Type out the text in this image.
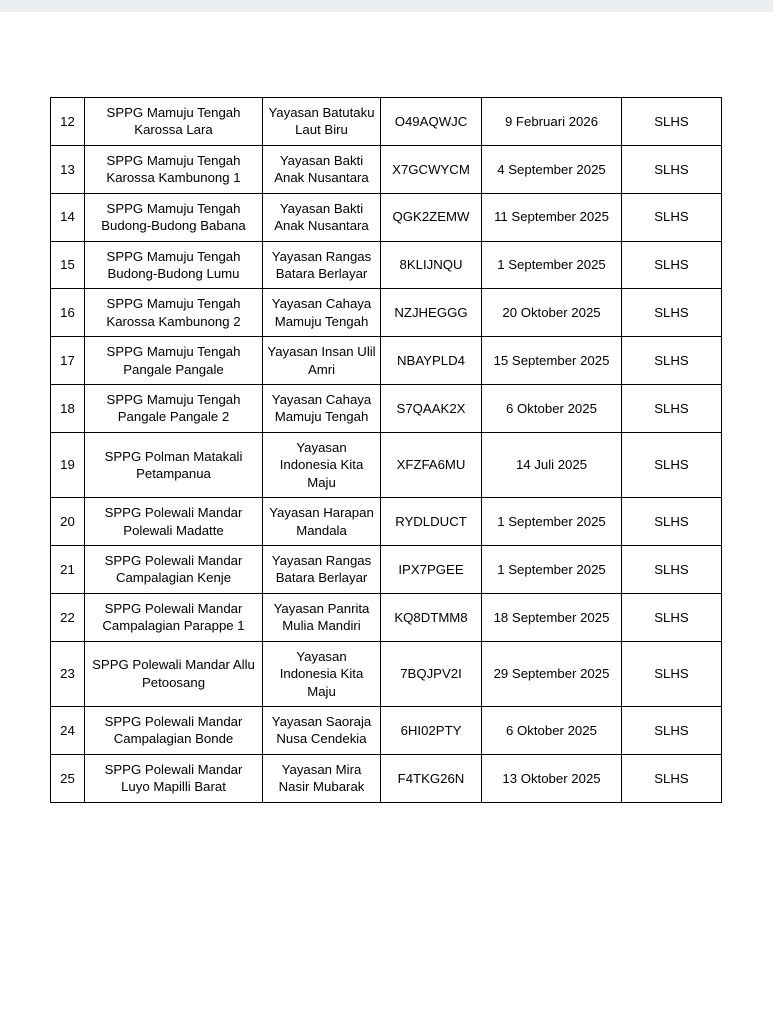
12	SPPG Mamuju Tengah Karossa Lara	Yayasan Batutaku Laut Biru	O49AQWJC	9 Februari 2026	SLHS
13	SPPG Mamuju Tengah Karossa Kambunong 1	Yayasan Bakti Anak Nusantara	X7GCWYCM	4 September 2025	SLHS
14	SPPG Mamuju Tengah Budong-Budong Babana	Yayasan Bakti Anak Nusantara	QGK2ZEMW	11 September 2025	SLHS
15	SPPG Mamuju Tengah Budong-Budong Lumu	Yayasan Rangas Batara Berlayar	8KLIJNQU	1 September 2025	SLHS
16	SPPG Mamuju Tengah Karossa Kambunong 2	Yayasan Cahaya Mamuju Tengah	NZJHEGGG	20 Oktober 2025	SLHS
17	SPPG Mamuju Tengah Pangale Pangale	Yayasan Insan Ulil Amri	NBAYPLD4	15 September 2025	SLHS
18	SPPG Mamuju Tengah Pangale Pangale 2	Yayasan Cahaya Mamuju Tengah	S7QAAK2X	6 Oktober 2025	SLHS
19	SPPG Polman Matakali Petampanua	Yayasan Indonesia Kita Maju	XFZFA6MU	14 Juli 2025	SLHS
20	SPPG Polewali Mandar Polewali Madatte	Yayasan Harapan Mandala	RYDLDUCT	1 September 2025	SLHS
21	SPPG Polewali Mandar Campalagian Kenje	Yayasan Rangas Batara Berlayar	IPX7PGEE	1 September 2025	SLHS
22	SPPG Polewali Mandar Campalagian Parappe 1	Yayasan Panrita Mulia Mandiri	KQ8DTMM8	18 September 2025	SLHS
23	SPPG Polewali Mandar Allu Petoosang	Yayasan Indonesia Kita Maju	7BQJPV2I	29 September 2025	SLHS
24	SPPG Polewali Mandar Campalagian Bonde	Yayasan Saoraja Nusa Cendekia	6HI02PTY	6 Oktober 2025	SLHS
25	SPPG Polewali Mandar Luyo Mapilli Barat	Yayasan Mira Nasir Mubarak	F4TKG26N	13 Oktober 2025	SLHS
